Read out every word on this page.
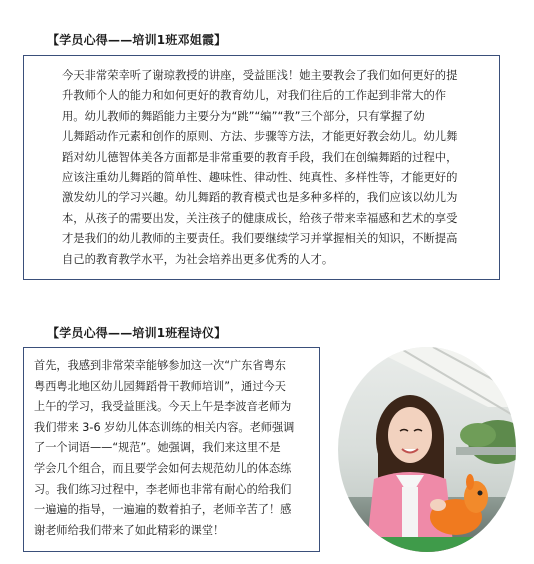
【学员心得——培训1班邓姐霞】

今天非常荣幸听了谢琼教授的讲座，受益匪浅！她主要教会了我们如何更好的提
升教师个人的能力和如何更好的教育幼儿，对我们往后的工作起到非常大的作
用。幼儿教师的舞蹈能力主要分为“跳”“编”“教”三个部分，只有掌握了幼
儿舞蹈动作元素和创作的原则、方法、步骤等方法，才能更好教会幼儿。幼儿舞
蹈对幼儿德智体美各方面都是非常重要的教育手段，我们在创编舞蹈的过程中，
应该注重幼儿舞蹈的简单性、趣味性、律动性、纯真性、多样性等，才能更好的
激发幼儿的学习兴趣。幼儿舞蹈的教育模式也是多种多样的，我们应该以幼儿为
本，从孩子的需要出发，关注孩子的健康成长，给孩子带来幸福感和艺术的享受
才是我们的幼儿教师的主要责任。我们要继续学习并掌握相关的知识，不断提高
自己的教育教学水平，为社会培养出更多优秀的人才。

【学员心得——培训1班程诗仪】

首先，我感到非常荣幸能够参加这一次“广东省粤东
粤西粤北地区幼儿园舞蹈骨干教师培训”，通过今天
上午的学习，我受益匪浅。今天上午是李波音老师为
我们带来 3-6 岁幼儿体态训练的相关内容。老师强调
了一个词语——“规范”。她强调，我们来这里不是
学会几个组合，而且要学会如何去规范幼儿的体态练
习。我们练习过程中，李老师也非常有耐心的给我们
一遍遍的指导，一遍遍的数着拍子，老师辛苦了！感
谢老师给我们带来了如此精彩的课堂！
